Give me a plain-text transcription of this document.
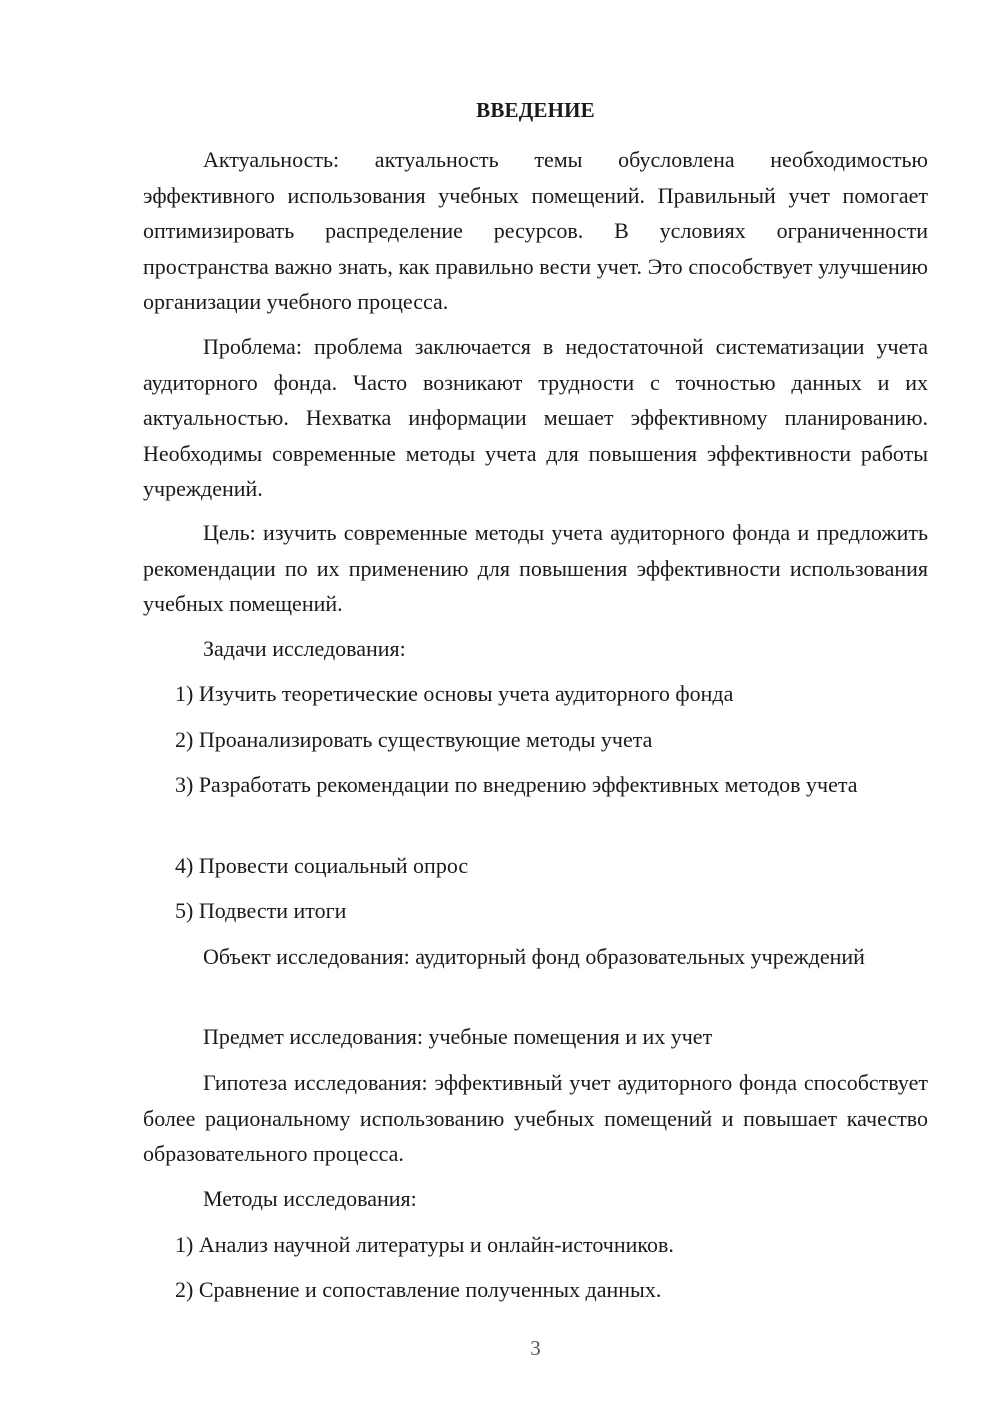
ВВЕДЕНИЕ

Актуальность: актуальность темы обусловлена необходимостью эффективного использования учебных помещений. Правильный учет помогает оптимизировать распределение ресурсов. В условиях ограниченности пространства важно знать, как правильно вести учет. Это способствует улучшению организации учебного процесса.

Проблема: проблема заключается в недостаточной систематизации учета аудиторного фонда. Часто возникают трудности с точностью данных и их актуальностью. Нехватка информации мешает эффективному планированию. Необходимы современные методы учета для повышения эффективности работы учреждений.

Цель: изучить современные методы учета аудиторного фонда и предложить рекомендации по их применению для повышения эффективности использования учебных помещений.

Задачи исследования:

1) Изучить теоретические основы учета аудиторного фонда

2) Проанализировать существующие методы учета

3) Разработать рекомендации по внедрению эффективных методов учета

4) Провести социальный опрос

5) Подвести итоги

Объект исследования: аудиторный фонд образовательных учреждений

Предмет исследования: учебные помещения и их учет

Гипотеза исследования: эффективный учет аудиторного фонда способствует более рациональному использованию учебных помещений и повышает качество образовательного процесса.

Методы исследования:

1) Анализ научной литературы и онлайн-источников.

2) Сравнение и сопоставление полученных данных.

3
